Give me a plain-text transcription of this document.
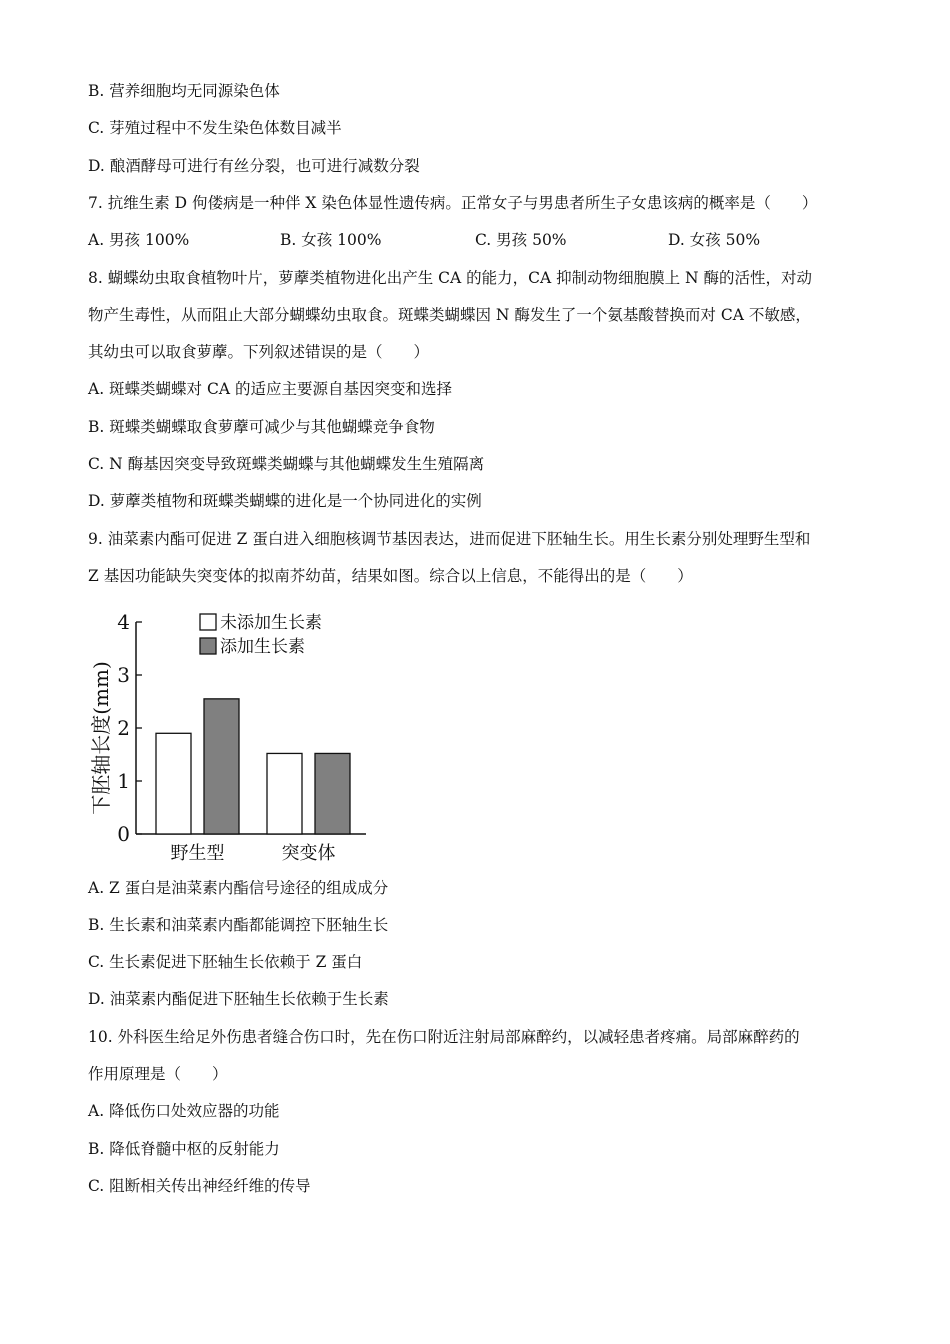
B. 营养细胞均无同源染色体
C. 芽殖过程中不发生染色体数目减半
D. 酿酒酵母可进行有丝分裂，也可进行减数分裂
7. 抗维生素 D 佝偻病是一种伴 X 染色体显性遗传病。正常女子与男患者所生子女患该病的概率是（　　）
A. 男孩 100%	B. 女孩 100%	C. 男孩 50%	D. 女孩 50%
8. 蝴蝶幼虫取食植物叶片，萝藦类植物进化出产生 CA 的能力，CA 抑制动物细胞膜上 N 酶的活性，对动
物产生毒性，从而阻止大部分蝴蝶幼虫取食。斑蝶类蝴蝶因 N 酶发生了一个氨基酸替换而对 CA 不敏感，
其幼虫可以取食萝藦。下列叙述错误的是（　　）
A. 斑蝶类蝴蝶对 CA 的适应主要源自基因突变和选择
B. 斑蝶类蝴蝶取食萝藦可减少与其他蝴蝶竞争食物
C. N 酶基因突变导致斑蝶类蝴蝶与其他蝴蝶发生生殖隔离
D. 萝藦类植物和斑蝶类蝴蝶的进化是一个协同进化的实例
9. 油菜素内酯可促进 Z 蛋白进入细胞核调节基因表达，进而促进下胚轴生长。用生长素分别处理野生型和
Z 基因功能缺失突变体的拟南芥幼苗，结果如图。综合以上信息，不能得出的是（　　）
0
1
2
3
4
野生型	突变体
下胚轴长度(mm)
未添加生长素
添加生长素
A. Z 蛋白是油菜素内酯信号途径的组成成分
B. 生长素和油菜素内酯都能调控下胚轴生长
C. 生长素促进下胚轴生长依赖于 Z 蛋白
D. 油菜素内酯促进下胚轴生长依赖于生长素
10. 外科医生给足外伤患者缝合伤口时，先在伤口附近注射局部麻醉约，以减轻患者疼痛。局部麻醉药的
作用原理是（　　）
A. 降低伤口处效应器的功能
B. 降低脊髓中枢的反射能力
C. 阻断相关传出神经纤维的传导
